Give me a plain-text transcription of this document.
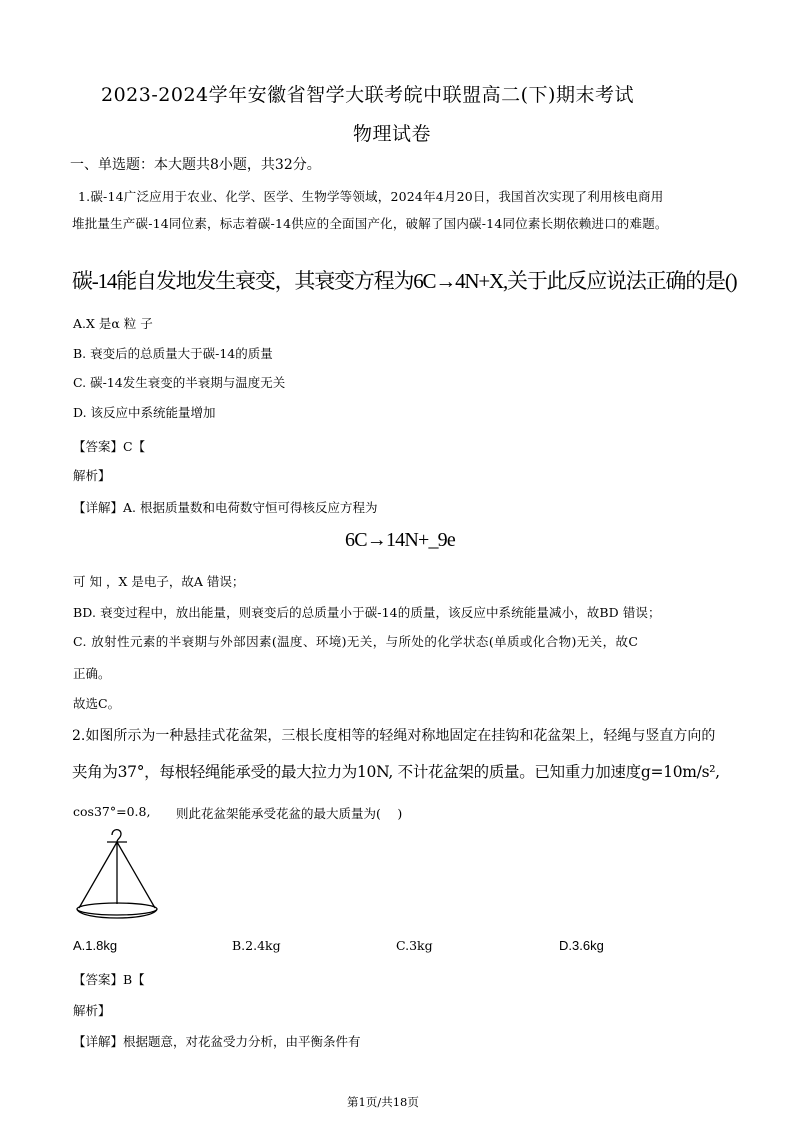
2023-2024学年安徽省智学大联考皖中联盟高二(下)期末考试
物理试卷
一、单选题：本大题共8小题，共32分。
1.碳-14广泛应用于农业、化学、医学、生物学等领域，2024年4月20日，我国首次实现了利用核电商用
堆批量生产碳-14同位素，标志着碳-14供应的全面国产化，破解了国内碳-14同位素长期依赖进口的难题。
碳-14能自发地发生衰变，其衰变方程为6C→4N+X,关于此反应说法正确的是()
A.X 是α 粒 子
B. 衰变后的总质量大于碳-14的质量
C. 碳-14发生衰变的半衰期与温度无关
D. 该反应中系统能量增加
【答案】C【
解析】
【详解】A. 根据质量数和电荷数守恒可得核反应方程为
6C→14N+_9e
可 知 ，X 是电子，故A 错误；
BD. 衰变过程中，放出能量，则衰变后的总质量小于碳-14的质量，该反应中系统能量减小，故BD 错误；
C. 放射性元素的半衰期与外部因素(温度、环境)无关，与所处的化学状态(单质或化合物)无关，故C
正确。
故选C。
2.如图所示为一种悬挂式花盆架，三根长度相等的轻绳对称地固定在挂钩和花盆架上，轻绳与竖直方向的
夹角为37°，每根轻绳能承受的最大拉力为10N, 不计花盆架的质量。已知重力加速度g=10m/s²,
cos37°=0.8, 则此花盆架能承受花盆的最大质量为(　 )
A.1.8kg	B.2.4kg	C.3kg	D.3.6kg
【答案】B【
解析】
【详解】根据题意，对花盆受力分析，由平衡条件有
第1页/共18页
